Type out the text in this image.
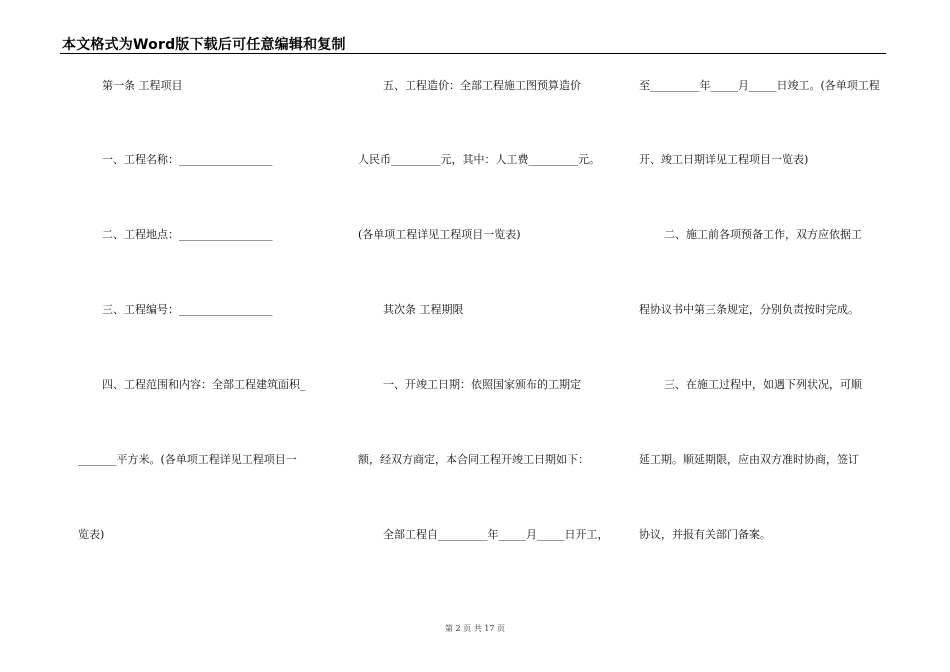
本文格式为Word版下载后可任意编辑和复制
第一条 工程项目
一、工程名称：_________________
二、工程地点：_________________
三、工程编号：_________________
四、工程范围和内容：全部工程建筑面积_
_______平方米。(各单项工程详见工程项目一
览表)
五、工程造价：全部工程施工图预算造价
人民币_________元，其中：人工费_________元。
(各单项工程详见工程项目一览表)
其次条 工程期限
一、开竣工日期：依照国家颁布的工期定
额，经双方商定，本合同工程开竣工日期如下：
全部工程自_________年_____月_____日开工，
至_________年_____月_____日竣工。(各单项工程
开、竣工日期详见工程项目一览表)
二、施工前各项预备工作，双方应依据工
程协议书中第三条规定，分别负责按时完成。
三、在施工过程中，如遇下列状况，可顺
延工期。顺延期限，应由双方准时协商，签订
协议，并报有关部门备案。
第 2 页 共 17 页
